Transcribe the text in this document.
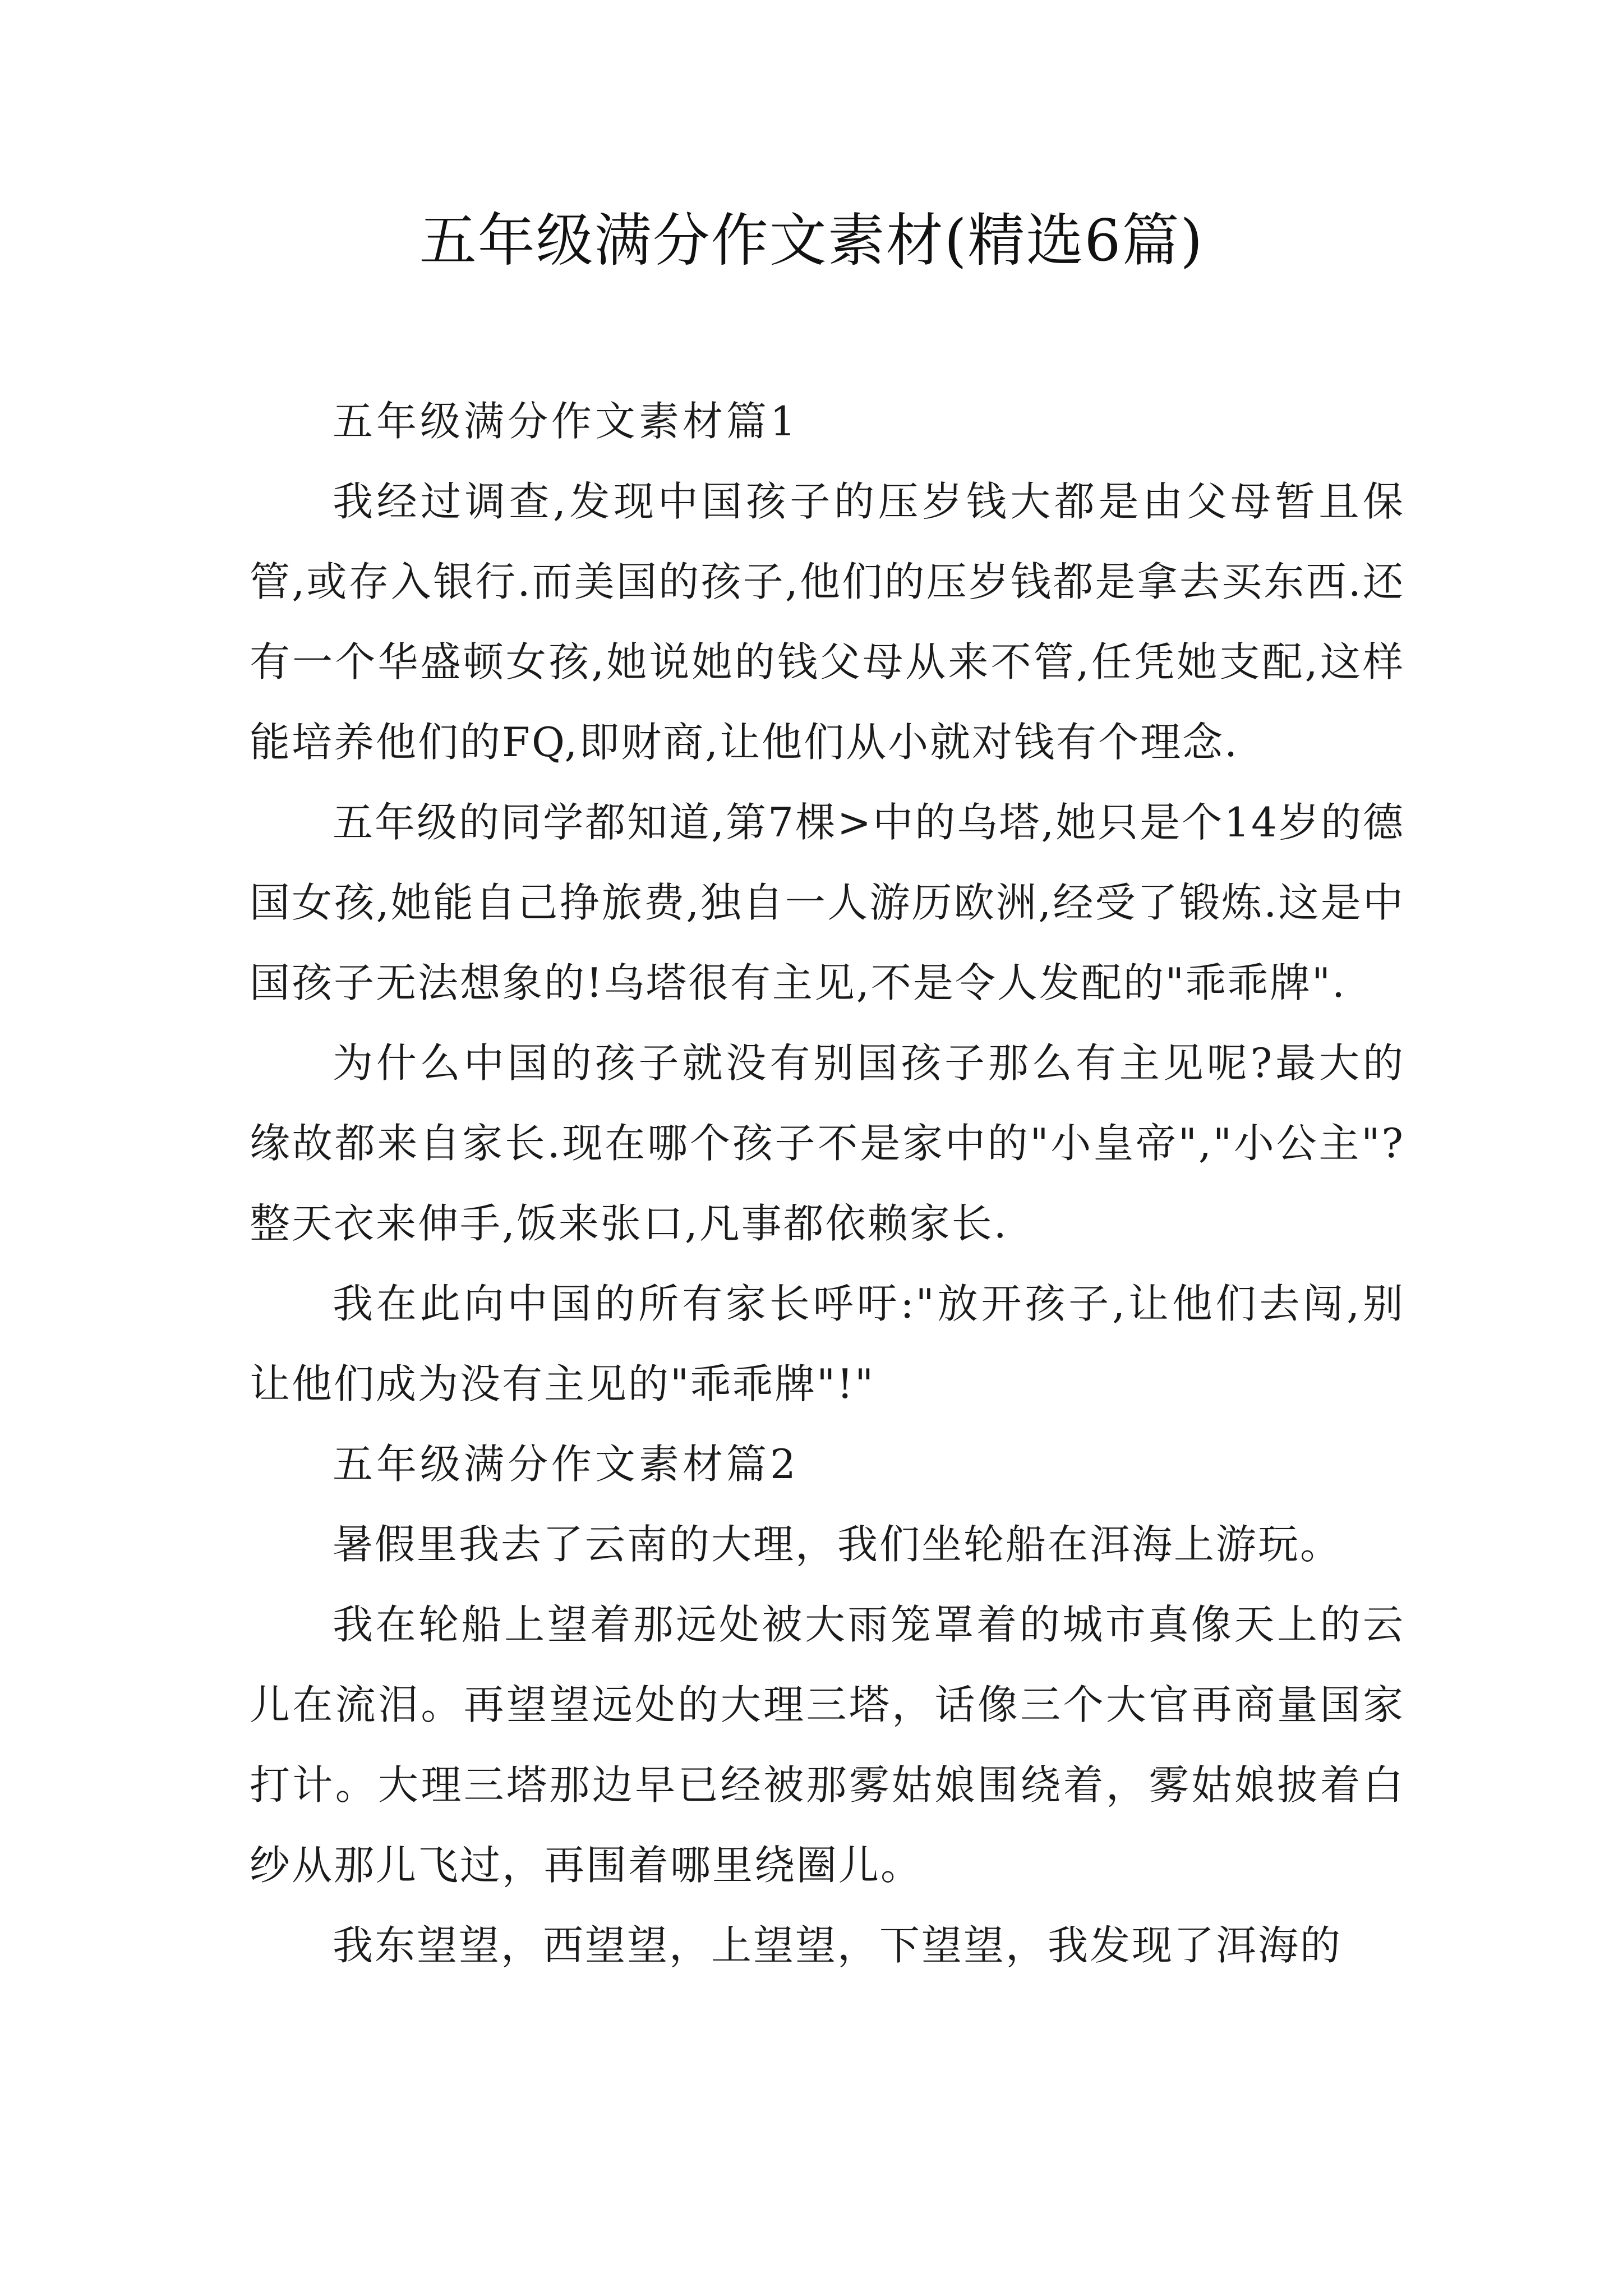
五年级满分作文素材(精选6篇)

五年级满分作文素材篇1

我经过调查,发现中国孩子的压岁钱大都是由父母暂且保管,或存入银行.而美国的孩子,他们的压岁钱都是拿去买东西.还有一个华盛顿女孩,她说她的钱父母从来不管,任凭她支配,这样能培养他们的FQ,即财商,让他们从小就对钱有个理念.

五年级的同学都知道,第7棵>中的乌塔,她只是个14岁的德国女孩,她能自己挣旅费,独自一人游历欧洲,经受了锻炼.这是中国孩子无法想象的!乌塔很有主见,不是令人发配的"乖乖牌".

为什么中国的孩子就没有别国孩子那么有主见呢?最大的缘故都来自家长.现在哪个孩子不是家中的"小皇帝","小公主"?整天衣来伸手,饭来张口,凡事都依赖家长.

我在此向中国的所有家长呼吁:"放开孩子,让他们去闯,别让他们成为没有主见的"乖乖牌"!"

五年级满分作文素材篇2

暑假里我去了云南的大理，我们坐轮船在洱海上游玩。

我在轮船上望着那远处被大雨笼罩着的城市真像天上的云儿在流泪。再望望远处的大理三塔，话像三个大官再商量国家打计。大理三塔那边早已经被那雾姑娘围绕着，雾姑娘披着白纱从那儿飞过，再围着哪里绕圈儿。

我东望望，西望望，上望望，下望望，我发现了洱海的
